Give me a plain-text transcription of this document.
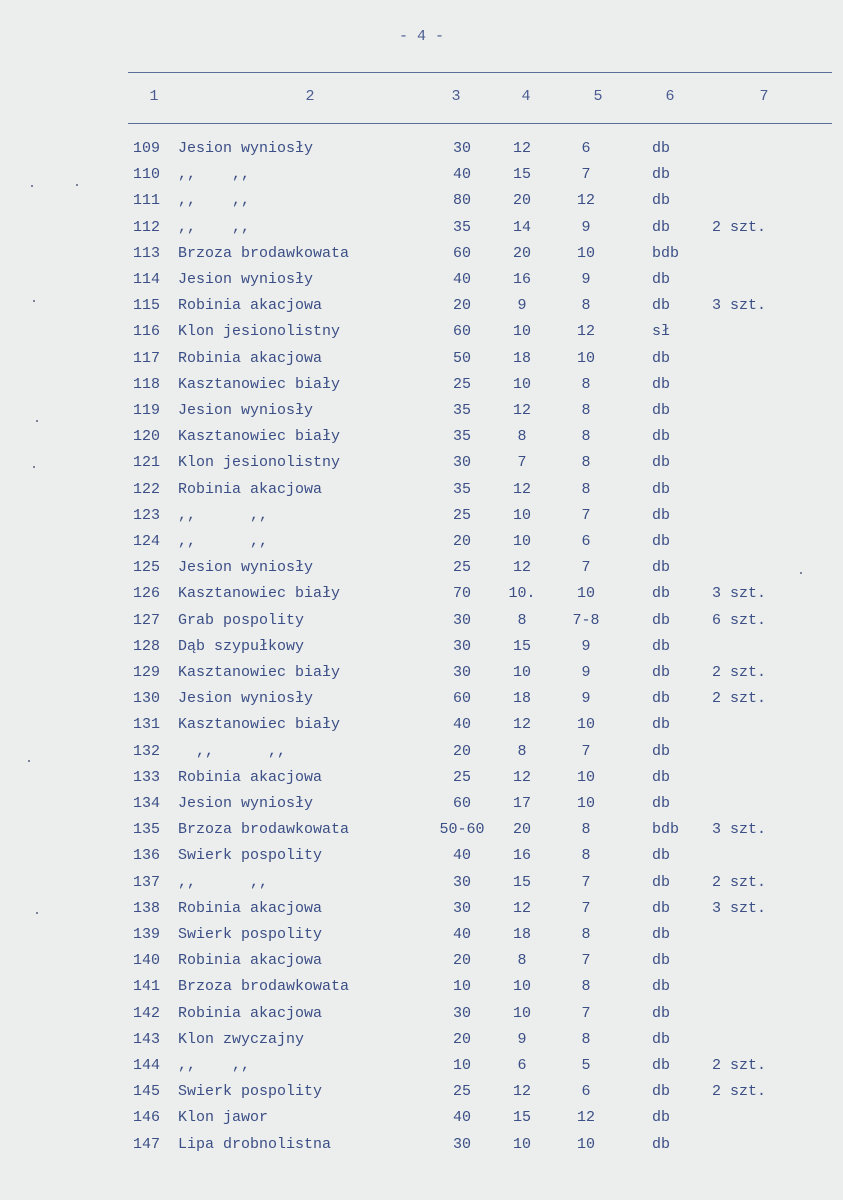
- 4 -
1	2	3	4	5	6	7
109 Jesion wyniosły	30	12	6	db
110 ,,    ,,	40	15	7	db
111 ,,    ,,	80	20	12	db
112 ,,    ,,	35	14	9	db	2 szt.
113 Brzoza brodawkowata	60	20	10	bdb
114 Jesion wyniosły	40	16	9	db
115 Robinia akacjowa	20	9	8	db	3 szt.
116 Klon jesionolistny	60	10	12	sł
117 Robinia akacjowa	50	18	10	db
118 Kasztanowiec biały	25	10	8	db
119 Jesion wyniosły	35	12	8	db
120 Kasztanowiec biały	35	8	8	db
121 Klon jesionolistny	30	7	8	db
122 Robinia akacjowa	35	12	8	db
123 ,,      ,,	25	10	7	db
124 ,,      ,,	20	10	6	db
125 Jesion wyniosły	25	12	7	db
126 Kasztanowiec biały	70	10.	10	db	3 szt.
127 Grab pospolity	30	8	7-8	db	6 szt.
128 Dąb szypułkowy	30	15	9	db
129 Kasztanowiec biały	30	10	9	db	2 szt.
130 Jesion wyniosły	60	18	9	db	2 szt.
131 Kasztanowiec biały	40	12	10	db
132 ,,      ,,	20	8	7	db
133 Robinia akacjowa	25	12	10	db
134 Jesion wyniosły	60	17	10	db
135 Brzoza brodawkowata	50-60	20	8	bdb	3 szt.
136 Swierk pospolity	40	16	8	db
137 ,,      ,,	30	15	7	db	2 szt.
138 Robinia akacjowa	30	12	7	db	3 szt.
139 Swierk pospolity	40	18	8	db
140 Robinia akacjowa	20	8	7	db
141 Brzoza brodawkowata	10	10	8	db
142 Robinia akacjowa	30	10	7	db
143 Klon zwyczajny	20	9	8	db
144 ,,    ,,	10	6	5	db	2 szt.
145 Swierk pospolity	25	12	6	db	2 szt.
146 Klon jawor	40	15	12	db
147 Lipa drobnolistna	30	10	10	db
